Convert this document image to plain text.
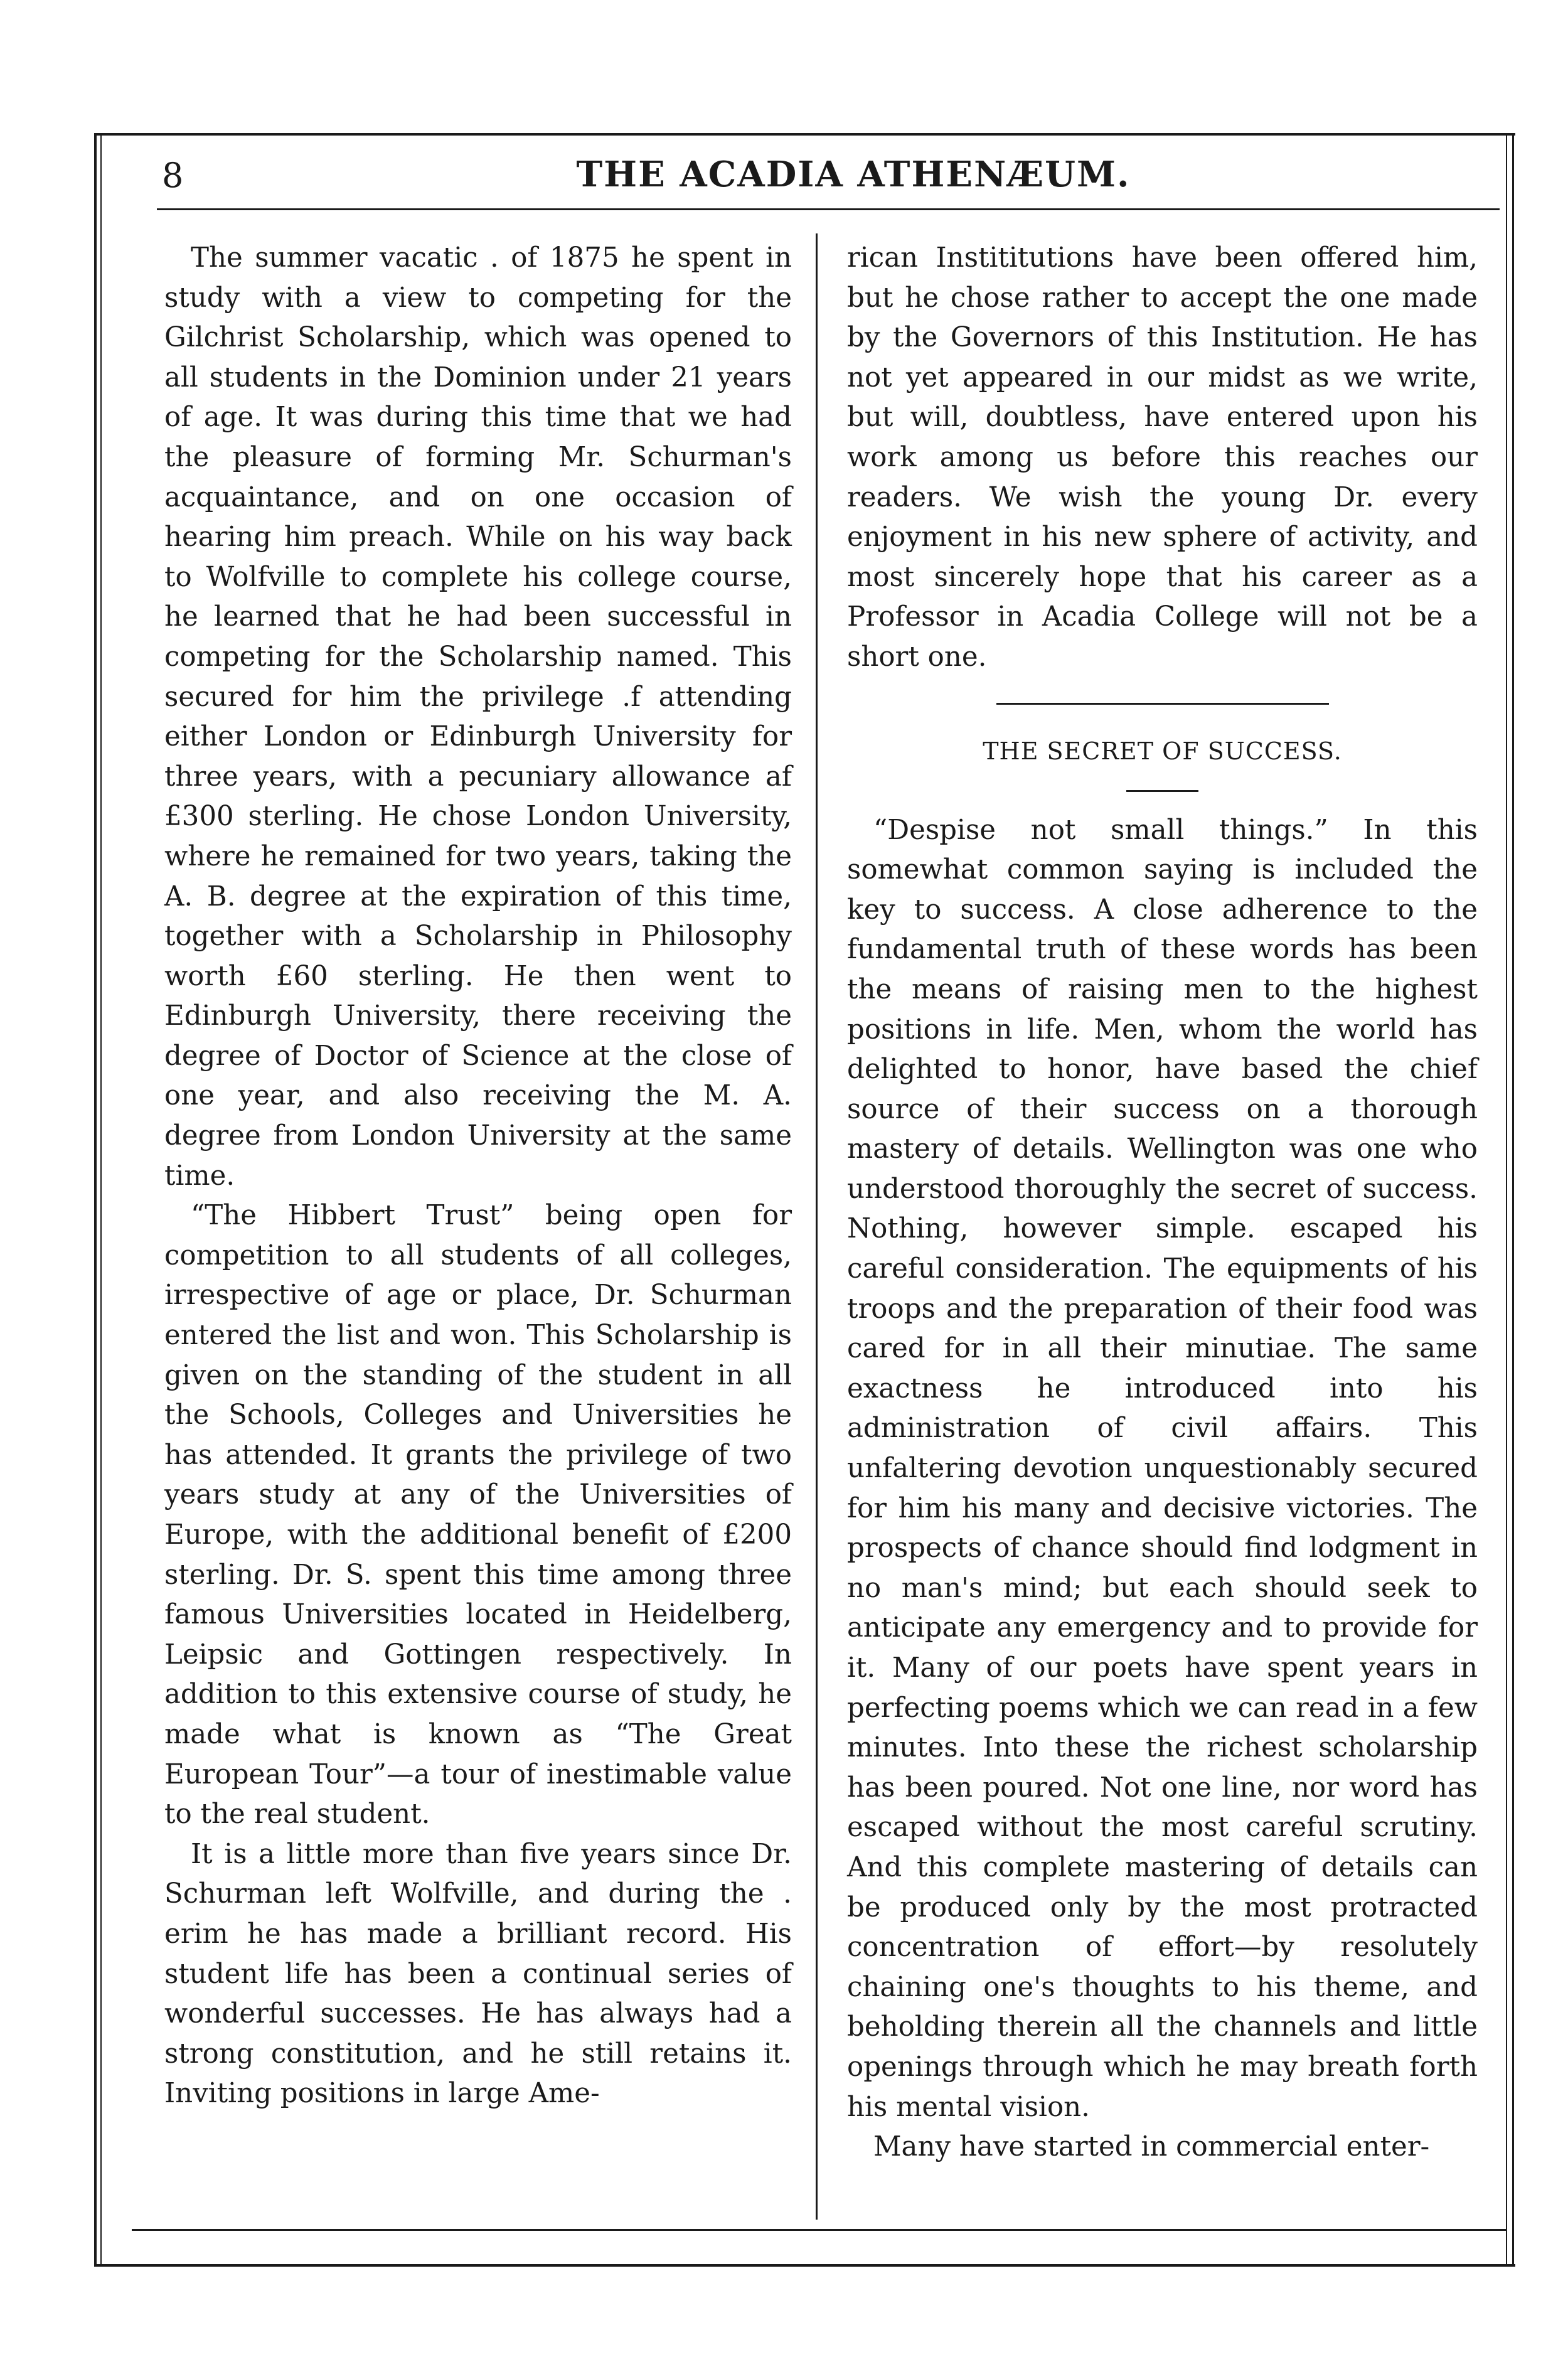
8	THE ACADIA ATHENÆUM.

The summer vacatic . of 1875 he spent in study with a view to competing for the Gilchrist Scholarship, which was opened to all students in the Dominion under 21 years of age. It was during this time that we had the pleasure of forming Mr. Schurman's acquaintance, and on one occasion of hearing him preach. While on his way back to Wolfville to complete his college course, he learned that he had been successful in competing for the Scholarship named. This secured for him the privilege .f attending either London or Edinburgh University for three years, with a pecuniary allowance af £300 sterling. He chose London University, where he remained for two years, taking the A. B. degree at the expiration of this time, together with a Scholarship in Philosophy worth £60 sterling. He then went to Edinburgh University, there receiving the degree of Doctor of Science at the close of one year, and also receiving the M. A. degree from London University at the same time.

“The Hibbert Trust” being open for competition to all students of all colleges, irrespective of age or place, Dr. Schurman entered the list and won. This Scholarship is given on the standing of the student in all the Schools, Colleges and Universities he has attended. It grants the privilege of two years study at any of the Universities of Europe, with the additional benefit of £200 sterling. Dr. S. spent this time among three famous Universities located in Heidelberg, Leipsic and Gottingen respectively. In addition to this extensive course of study, he made what is known as “The Great European Tour”—a tour of inestimable value to the real student.

It is a little more than five years since Dr. Schurman left Wolfville, and during the . erim he has made a brilliant record. His student life has been a continual series of wonderful successes. He has always had a strong constitution, and he still retains it. Inviting positions in large Ame-

rican Instititutions have been offered him, but he chose rather to accept the one made by the Governors of this Institution. He has not yet appeared in our midst as we write, but will, doubtless, have entered upon his work among us before this reaches our readers. We wish the young Dr. every enjoyment in his new sphere of activity, and most sincerely hope that his career as a Professor in Acadia College will not be a short one.

THE SECRET OF SUCCESS.

“Despise not small things.” In this somewhat common saying is included the key to success. A close adherence to the fundamental truth of these words has been the means of raising men to the highest positions in life. Men, whom the world has delighted to honor, have based the chief source of their success on a thorough mastery of details. Wellington was one who understood thoroughly the secret of success. Nothing, however simple. escaped his careful consideration. The equipments of his troops and the preparation of their food was cared for in all their minutiae. The same exactness he introduced into his administration of civil affairs. This unfaltering devotion unquestionably secured for him his many and decisive victories. The prospects of chance should find lodgment in no man's mind; but each should seek to anticipate any emergency and to provide for it. Many of our poets have spent years in perfecting poems which we can read in a few minutes. Into these the richest scholarship has been poured. Not one line, nor word has escaped without the most careful scrutiny. And this complete mastering of details can be produced only by the most protracted concentration of effort—by resolutely chaining one's thoughts to his theme, and beholding therein all the channels and little openings through which he may breath forth his mental vision.

Many have started in commercial enter-
